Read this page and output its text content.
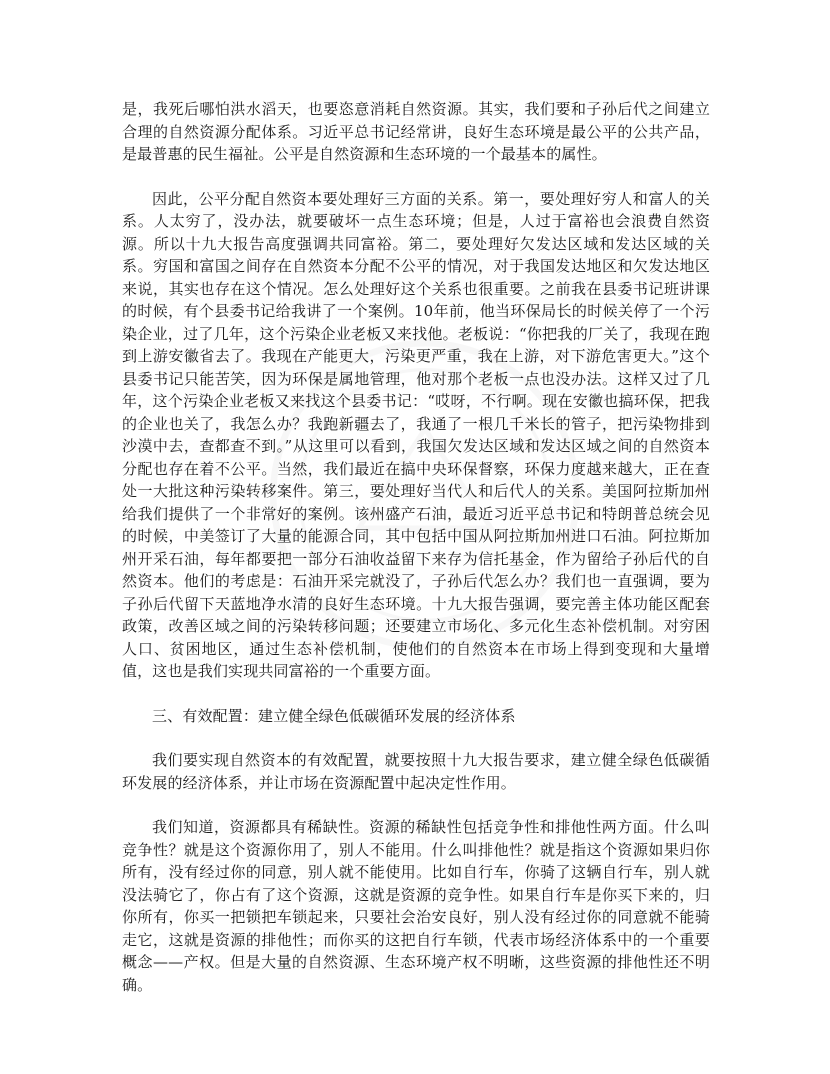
是，我死后哪怕洪水滔天，也要恣意消耗自然资源。其实，我们要和子孙后代之间建立合理的自然资源分配体系。习近平总书记经常讲，良好生态环境是最公平的公共产品，是最普惠的民生福祉。公平是自然资源和生态环境的一个最基本的属性。

因此，公平分配自然资本要处理好三方面的关系。第一，要处理好穷人和富人的关系。人太穷了，没办法，就要破坏一点生态环境；但是，人过于富裕也会浪费自然资源。所以十九大报告高度强调共同富裕。第二，要处理好欠发达区域和发达区域的关系。穷国和富国之间存在自然资本分配不公平的情况，对于我国发达地区和欠发达地区来说，其实也存在这个情况。怎么处理好这个关系也很重要。之前我在县委书记班讲课的时候，有个县委书记给我讲了一个案例。10年前，他当环保局长的时候关停了一个污染企业，过了几年，这个污染企业老板又来找他。老板说：“你把我的厂关了，我现在跑到上游安徽省去了。我现在产能更大，污染更严重，我在上游，对下游危害更大。”这个县委书记只能苦笑，因为环保是属地管理，他对那个老板一点也没办法。这样又过了几年，这个污染企业老板又来找这个县委书记：“哎呀，不行啊。现在安徽也搞环保，把我的企业也关了，我怎么办？我跑新疆去了，我通了一根几千米长的管子，把污染物排到沙漠中去，查都查不到。”从这里可以看到，我国欠发达区域和发达区域之间的自然资本分配也存在着不公平。当然，我们最近在搞中央环保督察，环保力度越来越大，正在查处一大批这种污染转移案件。第三，要处理好当代人和后代人的关系。美国阿拉斯加州给我们提供了一个非常好的案例。该州盛产石油，最近习近平总书记和特朗普总统会见的时候，中美签订了大量的能源合同，其中包括中国从阿拉斯加州进口石油。阿拉斯加州开采石油，每年都要把一部分石油收益留下来存为信托基金，作为留给子孙后代的自然资本。他们的考虑是：石油开采完就没了，子孙后代怎么办？我们也一直强调，要为子孙后代留下天蓝地净水清的良好生态环境。十九大报告强调，要完善主体功能区配套政策，改善区域之间的污染转移问题；还要建立市场化、多元化生态补偿机制。对穷困人口、贫困地区，通过生态补偿机制，使他们的自然资本在市场上得到变现和大量增值，这也是我们实现共同富裕的一个重要方面。

三、有效配置：建立健全绿色低碳循环发展的经济体系

我们要实现自然资本的有效配置，就要按照十九大报告要求，建立健全绿色低碳循环发展的经济体系，并让市场在资源配置中起决定性作用。

我们知道，资源都具有稀缺性。资源的稀缺性包括竞争性和排他性两方面。什么叫竞争性？就是这个资源你用了，别人不能用。什么叫排他性？就是指这个资源如果归你所有，没有经过你的同意，别人就不能使用。比如自行车，你骑了这辆自行车，别人就没法骑它了，你占有了这个资源，这就是资源的竞争性。如果自行车是你买下来的，归你所有，你买一把锁把车锁起来，只要社会治安良好，别人没有经过你的同意就不能骑走它，这就是资源的排他性；而你买的这把自行车锁，代表市场经济体系中的一个重要概念——产权。但是大量的自然资源、生态环境产权不明晰，这些资源的排他性还不明确。
